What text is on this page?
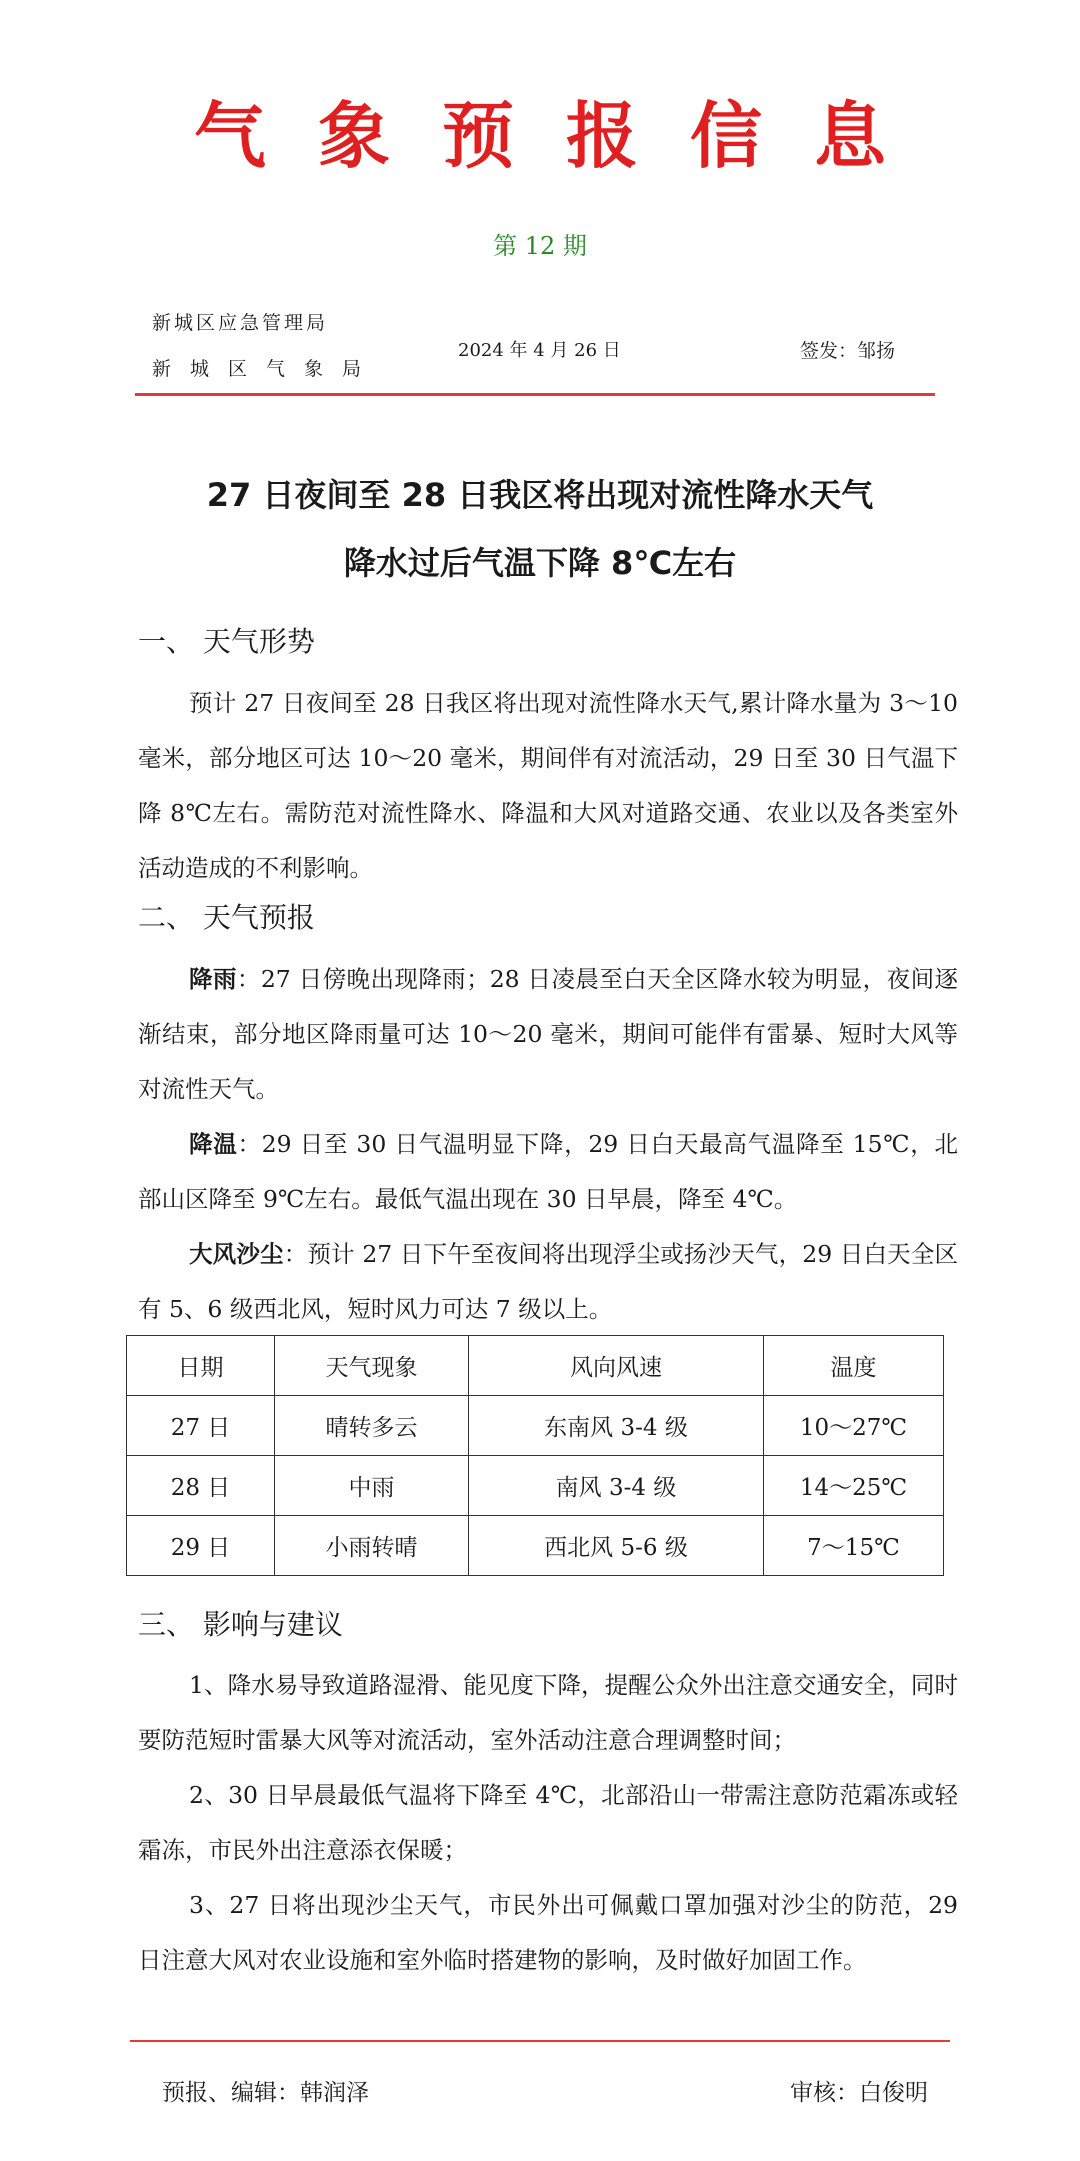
气象预报信息
第 12 期
新城区应急管理局
新城区气象局
2024 年 4 月 26 日	签发：邹扬
27 日夜间至 28 日我区将出现对流性降水天气
降水过后气温下降 8℃左右
一、 天气形势
预计 27 日夜间至 28 日我区将出现对流性降水天气,累计降水量为 3～10 毫米，部分地区可达 10～20 毫米，期间伴有对流活动，29 日至 30 日气温下降 8℃左右。需防范对流性降水、降温和大风对道路交通、农业以及各类室外活动造成的不利影响。
二、 天气预报
降雨：27 日傍晚出现降雨；28 日凌晨至白天全区降水较为明显，夜间逐渐结束，部分地区降雨量可达 10～20 毫米，期间可能伴有雷暴、短时大风等对流性天气。
降温：29 日至 30 日气温明显下降，29 日白天最高气温降至 15℃，北部山区降至 9℃左右。最低气温出现在 30 日早晨，降至 4℃。
大风沙尘：预计 27 日下午至夜间将出现浮尘或扬沙天气，29 日白天全区有 5、6 级西北风，短时风力可达 7 级以上。
日期	天气现象	风向风速	温度
27 日	晴转多云	东南风 3-4 级	10～27℃
28 日	中雨	南风 3-4 级	14～25℃
29 日	小雨转晴	西北风 5-6 级	7～15℃
三、 影响与建议
1、降水易导致道路湿滑、能见度下降，提醒公众外出注意交通安全，同时要防范短时雷暴大风等对流活动，室外活动注意合理调整时间；
2、30 日早晨最低气温将下降至 4℃，北部沿山一带需注意防范霜冻或轻霜冻，市民外出注意添衣保暖；
3、27 日将出现沙尘天气，市民外出可佩戴口罩加强对沙尘的防范，29 日注意大风对农业设施和室外临时搭建物的影响，及时做好加固工作。
预报、编辑：韩润泽	审核：白俊明
